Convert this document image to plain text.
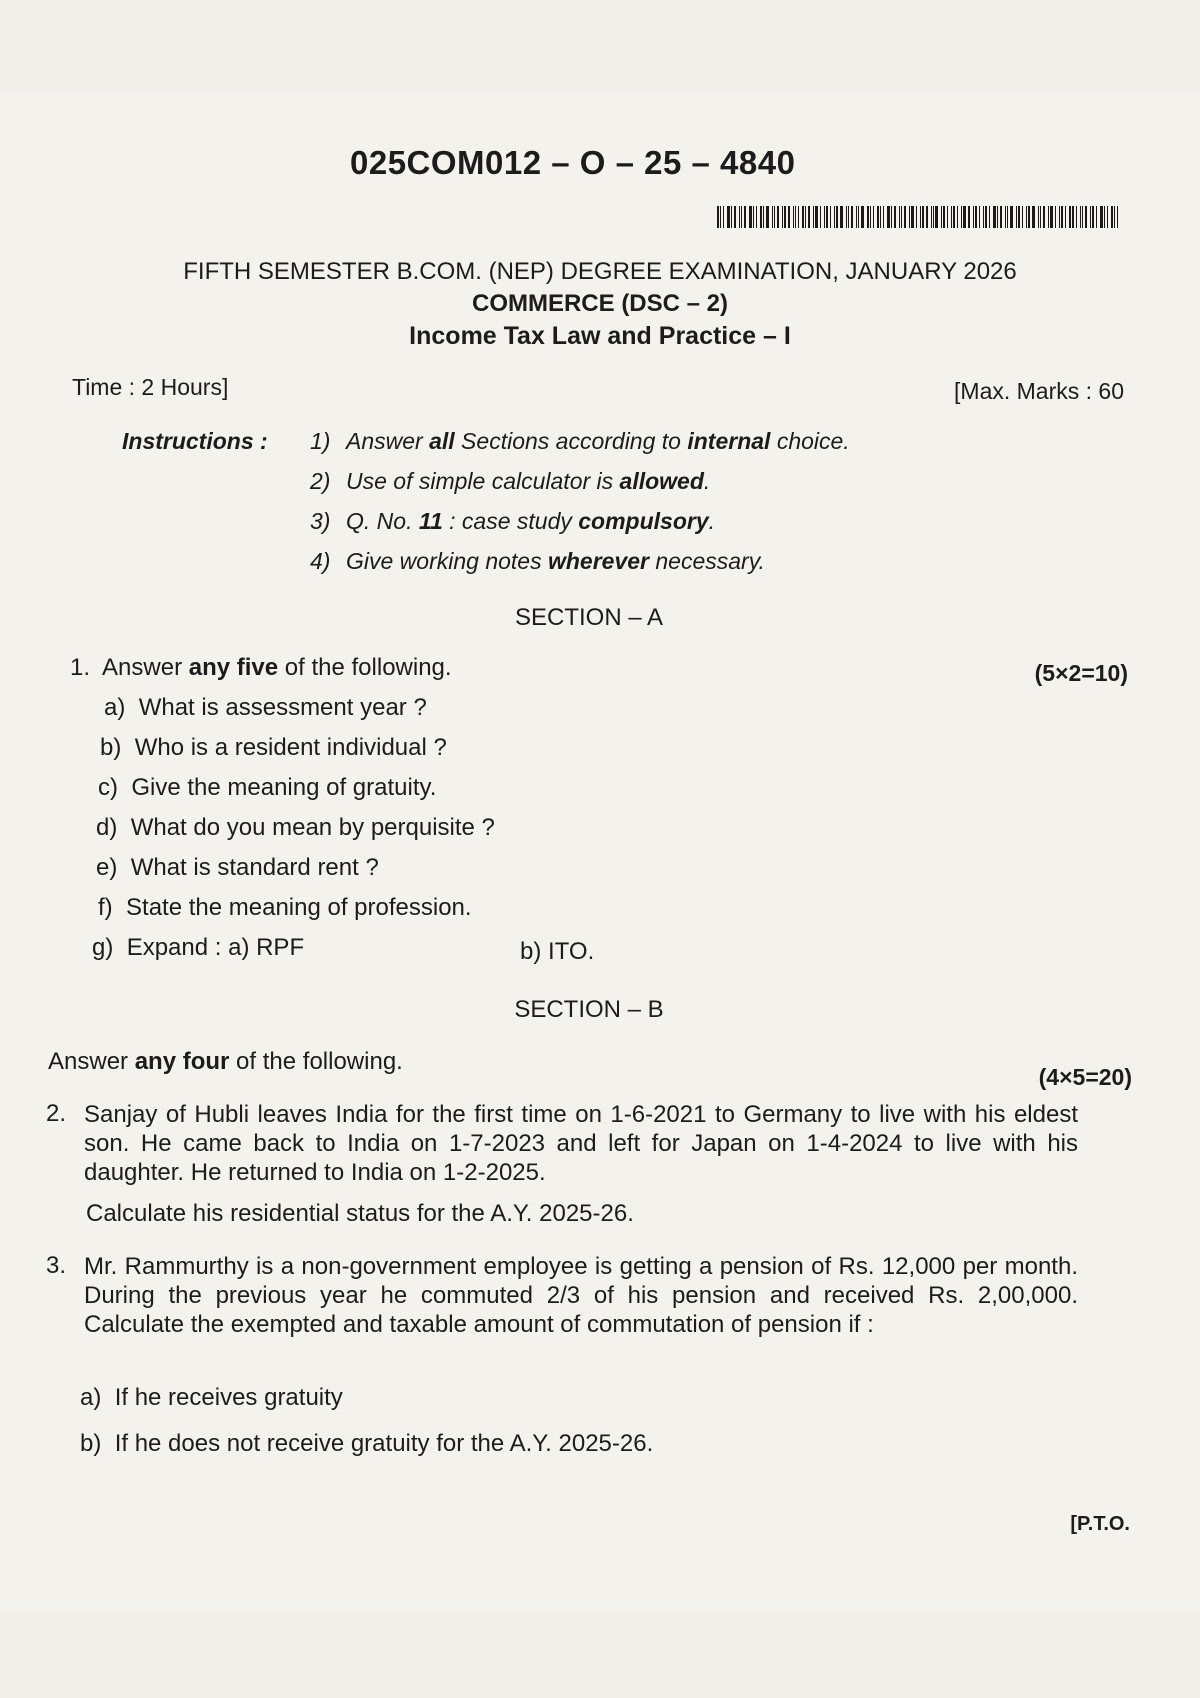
025COM012 – O – 25 – 4840
FIFTH SEMESTER B.COM. (NEP) DEGREE EXAMINATION, JANUARY 2026
COMMERCE (DSC – 2)
Income Tax Law and Practice – I
Time : 2 Hours]	[Max. Marks : 60
Instructions : 1) Answer all Sections according to internal choice.
2) Use of simple calculator is allowed.
3) Q. No. 11 : case study compulsory.
4) Give working notes wherever necessary.
SECTION – A
1. Answer any five of the following.	(5×2=10)
a) What is assessment year ?
b) Who is a resident individual ?
c) Give the meaning of gratuity.
d) What do you mean by perquisite ?
e) What is standard rent ?
f) State the meaning of profession.
g) Expand : a) RPF	b) ITO.
SECTION – B
Answer any four of the following.
(4×5=20)
2. Sanjay of Hubli leaves India for the first time on 1-6-2021 to Germany to live with his eldest son. He came back to India on 1-7-2023 and left for Japan on 1-4-2024 to live with his daughter. He returned to India on 1-2-2025.
Calculate his residential status for the A.Y. 2025-26.
3. Mr. Rammurthy is a non-government employee is getting a pension of Rs. 12,000 per month. During the previous year he commuted 2/3 of his pension and received Rs. 2,00,000. Calculate the exempted and taxable amount of commutation of pension if :
a) If he receives gratuity
b) If he does not receive gratuity for the A.Y. 2025-26.
[P.T.O.
